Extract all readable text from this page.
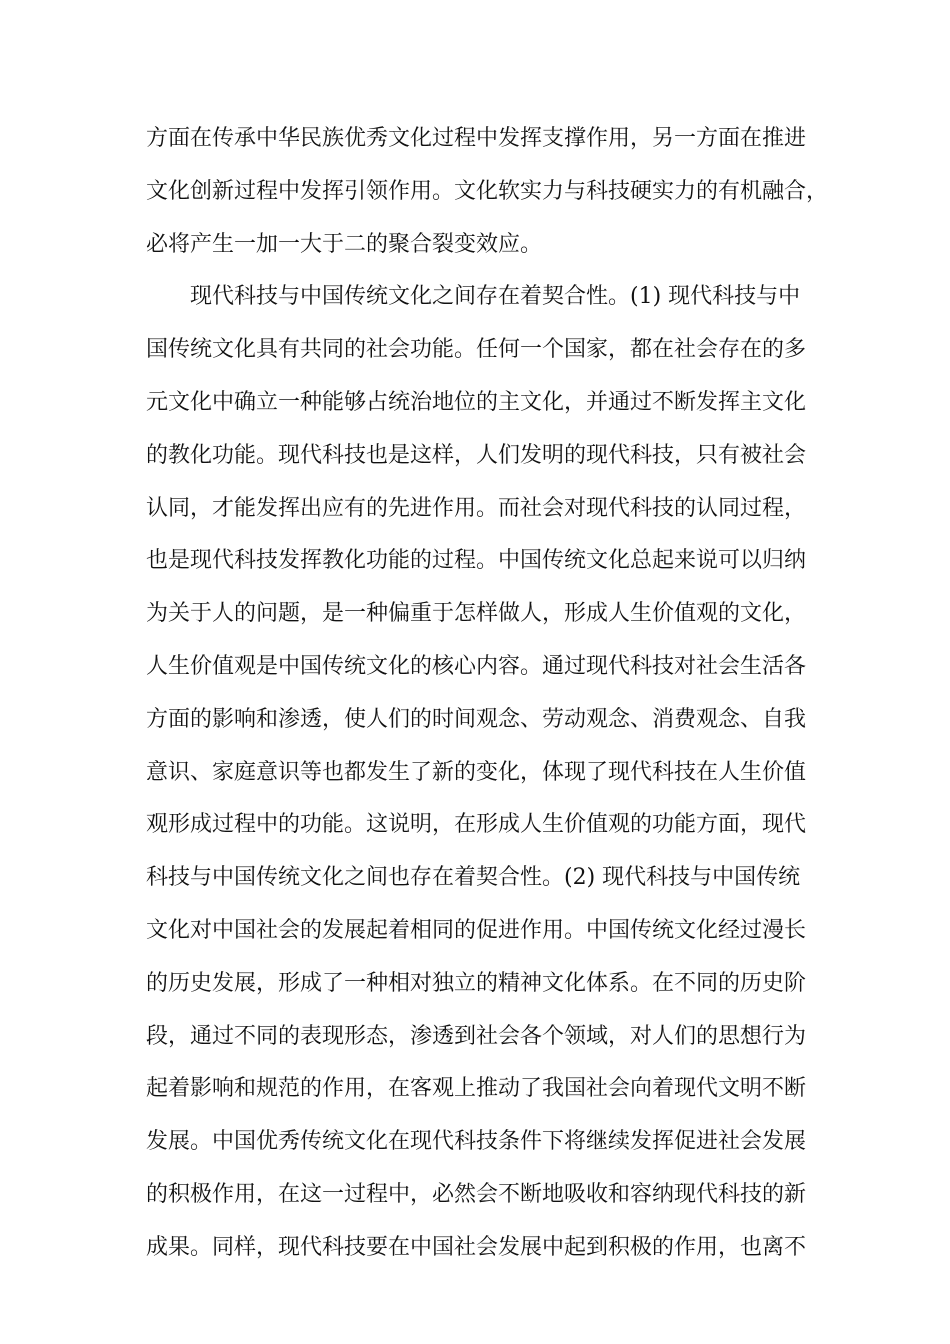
方面在传承中华民族优秀文化过程中发挥支撑作用，另一方面在推进
文化创新过程中发挥引领作用。文化软实力与科技硬实力的有机融合，
必将产生一加一大于二的聚合裂变效应。
　　现代科技与中国传统文化之间存在着契合性。(1) 现代科技与中
国传统文化具有共同的社会功能。任何一个国家，都在社会存在的多
元文化中确立一种能够占统治地位的主文化，并通过不断发挥主文化
的教化功能。现代科技也是这样，人们发明的现代科技，只有被社会
认同，才能发挥出应有的先进作用。而社会对现代科技的认同过程，
也是现代科技发挥教化功能的过程。中国传统文化总起来说可以归纳
为关于人的问题，是一种偏重于怎样做人，形成人生价值观的文化，
人生价值观是中国传统文化的核心内容。通过现代科技对社会生活各
方面的影响和渗透，使人们的时间观念、劳动观念、消费观念、自我
意识、家庭意识等也都发生了新的变化，体现了现代科技在人生价值
观形成过程中的功能。这说明，在形成人生价值观的功能方面，现代
科技与中国传统文化之间也存在着契合性。(2) 现代科技与中国传统
文化对中国社会的发展起着相同的促进作用。中国传统文化经过漫长
的历史发展，形成了一种相对独立的精神文化体系。在不同的历史阶
段，通过不同的表现形态，渗透到社会各个领域，对人们的思想行为
起着影响和规范的作用，在客观上推动了我国社会向着现代文明不断
发展。中国优秀传统文化在现代科技条件下将继续发挥促进社会发展
的积极作用，在这一过程中，必然会不断地吸收和容纳现代科技的新
成果。同样，现代科技要在中国社会发展中起到积极的作用，也离不
